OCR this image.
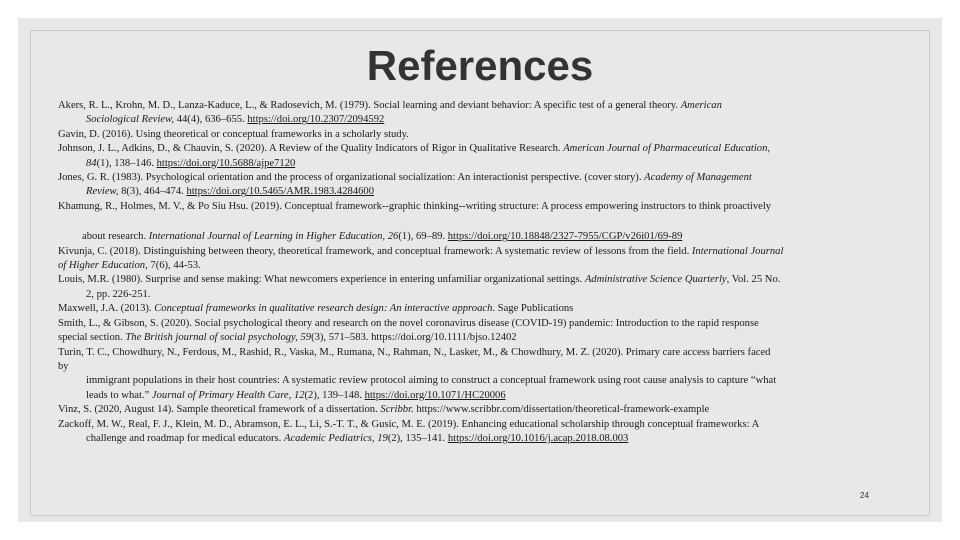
References

Akers, R. L., Krohn, M. D., Lanza-Kaduce, L., & Radosevich, M. (1979). Social learning and deviant behavior: A specific test of a general theory. American

Sociological Review, 44(4), 636–655. https://doi.org/10.2307/2094592

Gavin, D. (2016). Using theoretical or conceptual frameworks in a scholarly study.

Johnson, J. L., Adkins, D., & Chauvin, S. (2020). A Review of the Quality Indicators of Rigor in Qualitative Research. American Journal of Pharmaceutical Education,

84(1), 138–146. https://doi.org/10.5688/ajpe7120

Jones, G. R. (1983). Psychological orientation and the process of organizational socialization: An interactionist perspective. (cover story). Academy of Management

Review, 8(3), 464–474. https://doi.org/10.5465/AMR.1983.4284600

Khamung, R., Holmes, M. V., & Po Siu Hsu. (2019). Conceptual framework--graphic thinking--writing structure: A process empowering instructors to think proactively

about research. International Journal of Learning in Higher Education, 26(1), 69–89. https://doi.org/10.18848/2327-7955/CGP/v26i01/69-89

Kivunja, C. (2018). Distinguishing between theory, theoretical framework, and conceptual framework: A systematic review of lessons from the field. International Journal

of Higher Education, 7(6), 44-53.

Louis, M.R. (1980). Surprise and sense making: What newcomers experience in entering unfamiliar organizational settings. Administrative Science Quarterly, Vol. 25 No.

2, pp. 226-251.

Maxwell, J.A. (2013). Conceptual frameworks in qualitative research design: An interactive approach. Sage Publications

Smith, L., & Gibson, S. (2020). Social psychological theory and research on the novel coronavirus disease (COVID-19) pandemic: Introduction to the rapid response

special section. The British journal of social psychology, 59(3), 571–583. https://doi.org/10.1111/bjso.12402

Turin, T. C., Chowdhury, N., Ferdous, M., Rashid, R., Vaska, M., Rumana, N., Rahman, N., Lasker, M., & Chowdhury, M. Z. (2020). Primary care access barriers faced

by

immigrant populations in their host countries: A systematic review protocol aiming to construct a conceptual framework using root cause analysis to capture “what

leads to what.” Journal of Primary Health Care, 12(2), 139–148. https://doi.org/10.1071/HC20006

Vinz, S. (2020, August 14). Sample theoretical framework of a dissertation. Scribbr. https://www.scribbr.com/dissertation/theoretical-framework-example

Zackoff, M. W., Real, F. J., Klein, M. D., Abramson, E. L., Li, S.-T. T., & Gusic, M. E. (2019). Enhancing educational scholarship through conceptual frameworks: A

challenge and roadmap for medical educators. Academic Pediatrics, 19(2), 135–141. https://doi.org/10.1016/j.acap.2018.08.003

24
